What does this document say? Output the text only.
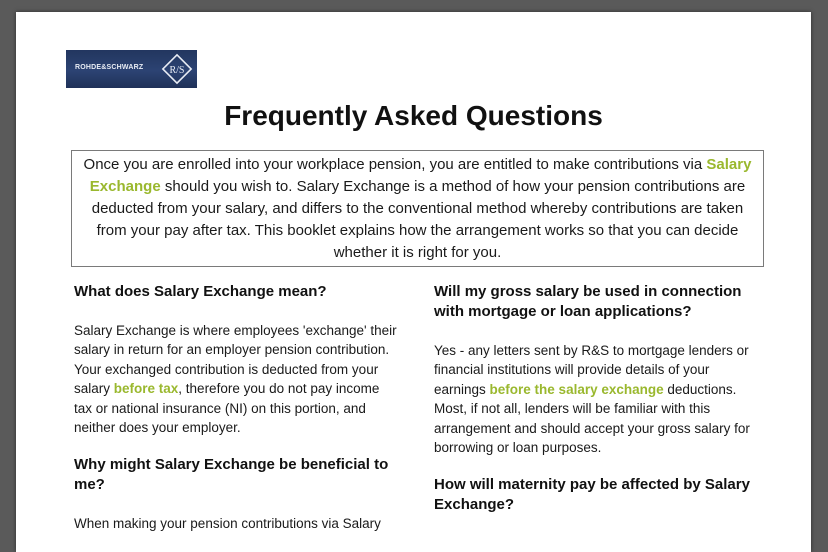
ROHDE&SCHWARZ	R/S
Frequently Asked Questions
Once you are enrolled into your workplace pension, you are entitled to make contributions via Salary Exchange should you wish to. Salary Exchange is a method of how your pension contributions are deducted from your salary, and differs to the conventional method whereby contributions are taken from your pay after tax. This booklet explains how the arrangement works so that you can decide whether it is right for you.
What does Salary Exchange mean?
Salary Exchange is where employees 'exchange' their salary in return for an employer pension contribution. Your exchanged contribution is deducted from your salary before tax, therefore you do not pay income tax or national insurance (NI) on this portion, and neither does your employer.
Why might Salary Exchange be beneficial to me?
When making your pension contributions via Salary
Will my gross salary be used in connection with mortgage or loan applications?
Yes - any letters sent by R&S to mortgage lenders or financial institutions will provide details of your earnings before the salary exchange deductions. Most, if not all, lenders will be familiar with this arrangement and should accept your gross salary for borrowing or loan purposes.
How will maternity pay be affected by Salary Exchange?
